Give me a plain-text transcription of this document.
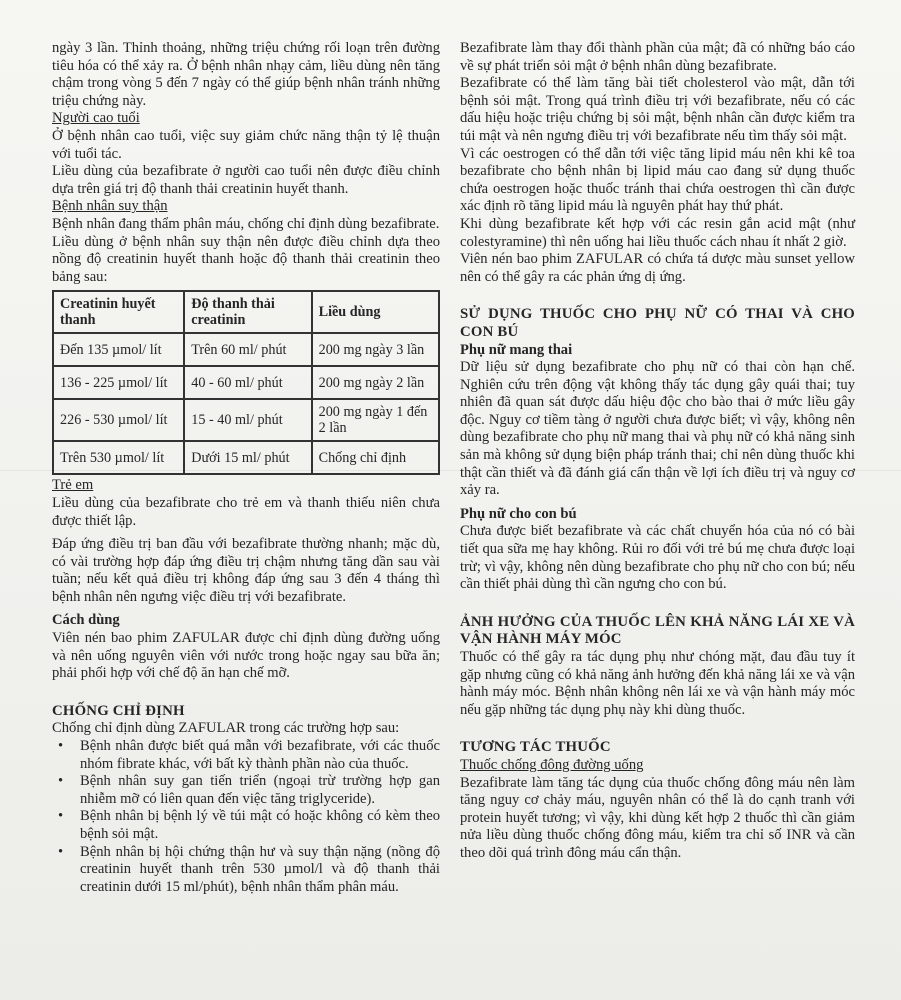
ngày 3 lần. Thỉnh thoảng, những triệu chứng rối loạn trên đường tiêu hóa có thể xảy ra. Ở bệnh nhân nhạy cảm, liều dùng nên tăng chậm trong vòng 5 đến 7 ngày có thể giúp bệnh nhân tránh những triệu chứng này.

Người cao tuổi

Ở bệnh nhân cao tuổi, việc suy giảm chức năng thận tỷ lệ thuận với tuổi tác.

Liều dùng của bezafibrate ở người cao tuổi nên được điều chỉnh dựa trên giá trị độ thanh thải creatinin huyết thanh.

Bệnh nhân suy thận

Bệnh nhân đang thẩm phân máu, chống chỉ định dùng bezafibrate.

Liều dùng ở bệnh nhân suy thận nên được điều chỉnh dựa theo nồng độ creatinin huyết thanh hoặc độ thanh thải creatinin theo bảng sau:

Creatinin huyết thanh	Độ thanh thải creatinin	Liều dùng
Đến 135 µmol/ lít	Trên 60 ml/ phút	200 mg ngày 3 lần
136 - 225 µmol/ lít	40 - 60 ml/ phút	200 mg ngày 2 lần
226 - 530 µmol/ lít	15 - 40 ml/ phút	200 mg ngày 1 đến 2 lần
Trên 530 µmol/ lít	Dưới 15 ml/ phút	Chống chỉ định

Trẻ em

Liều dùng của bezafibrate cho trẻ em và thanh thiếu niên chưa được thiết lập.

Đáp ứng điều trị ban đầu với bezafibrate thường nhanh; mặc dù, có vài trường hợp đáp ứng điều trị chậm nhưng tăng dần sau vài tuần; nếu kết quả điều trị không đáp ứng sau 3 đến 4 tháng thì bệnh nhân nên ngưng việc điều trị với bezafibrate.

Cách dùng

Viên nén bao phim ZAFULAR được chỉ định dùng đường uống và nên uống nguyên viên với nước trong hoặc ngay sau bữa ăn; phải phối hợp với chế độ ăn hạn chế mỡ.

CHỐNG CHỈ ĐỊNH

Chống chỉ định dùng ZAFULAR trong các trường hợp sau:

• Bệnh nhân được biết quá mẫn với bezafibrate, với các thuốc nhóm fibrate khác, với bất kỳ thành phần nào của thuốc.
• Bệnh nhân suy gan tiến triển (ngoại trừ trường hợp gan nhiễm mỡ có liên quan đến việc tăng triglyceride).
• Bệnh nhân bị bệnh lý về túi mật có hoặc không có kèm theo bệnh sỏi mật.
• Bệnh nhân bị hội chứng thận hư và suy thận nặng (nồng độ creatinin huyết thanh trên 530 µmol/l và độ thanh thải creatinin dưới 15 ml/phút), bệnh nhân thẩm phân máu.

Bezafibrate làm thay đổi thành phần của mật; đã có những báo cáo về sự phát triển sỏi mật ở bệnh nhân dùng bezafibrate.

Bezafibrate có thể làm tăng bài tiết cholesterol vào mật, dẫn tới bệnh sỏi mật. Trong quá trình điều trị với bezafibrate, nếu có các dấu hiệu hoặc triệu chứng bị sỏi mật, bệnh nhân cần được kiểm tra túi mật và nên ngưng điều trị với bezafibrate nếu tìm thấy sỏi mật.

Vì các oestrogen có thể dẫn tới việc tăng lipid máu nên khi kê toa bezafibrate cho bệnh nhân bị lipid máu cao đang sử dụng thuốc chứa oestrogen hoặc thuốc tránh thai chứa oestrogen thì cần được xác định rõ tăng lipid máu là nguyên phát hay thứ phát.

Khi dùng bezafibrate kết hợp với các resin gắn acid mật (như colestyramine) thì nên uống hai liều thuốc cách nhau ít nhất 2 giờ.

Viên nén bao phim ZAFULAR có chứa tá dược màu sunset yellow nên có thể gây ra các phản ứng dị ứng.

SỬ DỤNG THUỐC CHO PHỤ NỮ CÓ THAI VÀ CHO CON BÚ

Phụ nữ mang thai

Dữ liệu sử dụng bezafibrate cho phụ nữ có thai còn hạn chế. Nghiên cứu trên động vật không thấy tác dụng gây quái thai; tuy nhiên đã quan sát được dấu hiệu độc cho bào thai ở mức liều gây độc. Nguy cơ tiềm tàng ở người chưa được biết; vì vậy, không nên dùng bezafibrate cho phụ nữ mang thai và phụ nữ có khả năng sinh sản mà không sử dụng biện pháp tránh thai; chỉ nên dùng thuốc khi thật cần thiết và đã đánh giá cẩn thận về lợi ích điều trị và nguy cơ xảy ra.

Phụ nữ cho con bú

Chưa được biết bezafibrate và các chất chuyển hóa của nó có bài tiết qua sữa mẹ hay không. Rủi ro đối với trẻ bú mẹ chưa được loại trừ; vì vậy, không nên dùng bezafibrate cho phụ nữ cho con bú; nếu cần thiết phải dùng thì cần ngưng cho con bú.

ẢNH HƯỞNG CỦA THUỐC LÊN KHẢ NĂNG LÁI XE VÀ VẬN HÀNH MÁY MÓC

Thuốc có thể gây ra tác dụng phụ như chóng mặt, đau đầu tuy ít gặp nhưng cũng có khả năng ảnh hưởng đến khả năng lái xe và vận hành máy móc. Bệnh nhân không nên lái xe và vận hành máy móc nếu gặp những tác dụng phụ này khi dùng thuốc.

TƯƠNG TÁC THUỐC

Thuốc chống đông đường uống

Bezafibrate làm tăng tác dụng của thuốc chống đông máu nên làm tăng nguy cơ chảy máu, nguyên nhân có thể là do cạnh tranh với protein huyết tương; vì vậy, khi dùng kết hợp 2 thuốc thì cần giảm nửa liều dùng thuốc chống đông máu, kiểm tra chỉ số INR và cần theo dõi quá trình đông máu cẩn thận.
